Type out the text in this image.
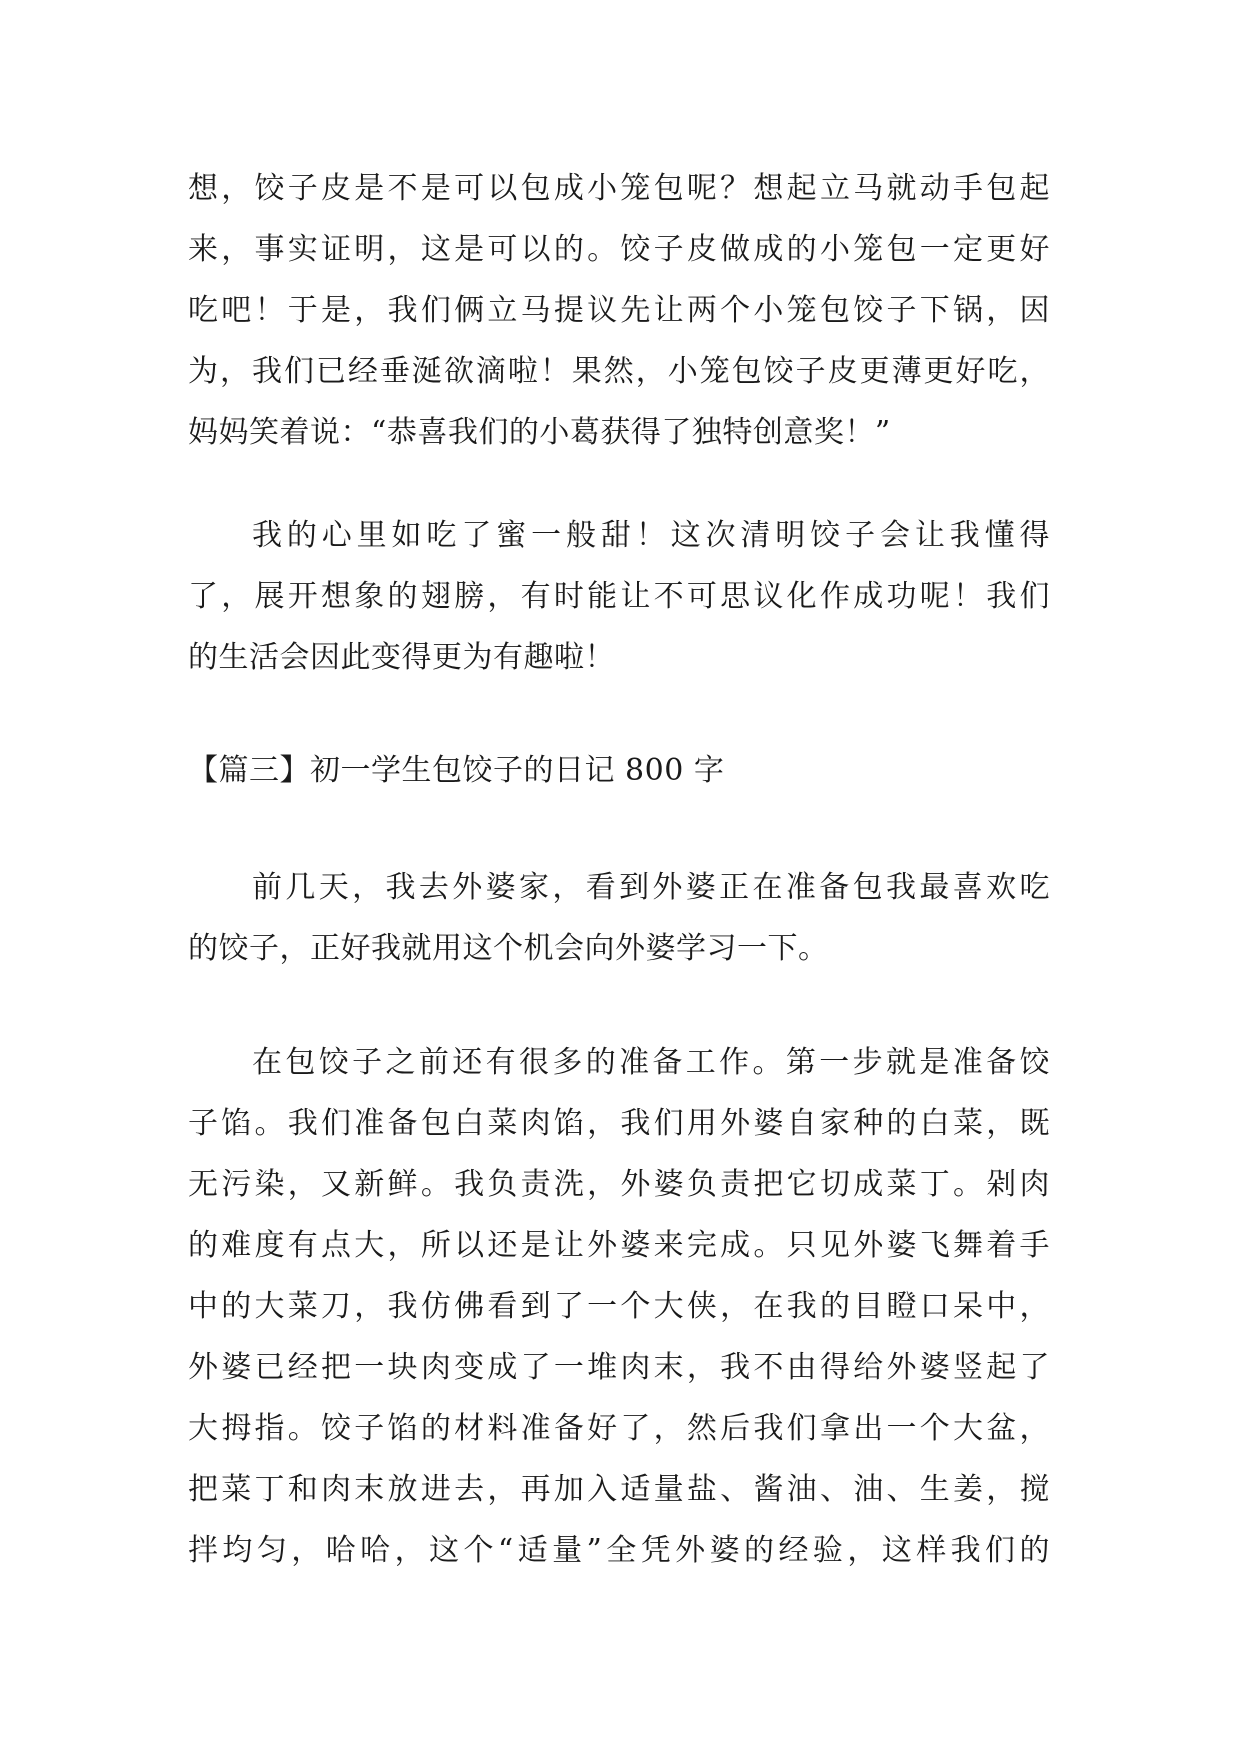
想，饺子皮是不是可以包成小笼包呢？想起立马就动手包起
来，事实证明，这是可以的。饺子皮做成的小笼包一定更好
吃吧！于是，我们俩立马提议先让两个小笼包饺子下锅，因
为，我们已经垂涎欲滴啦！果然，小笼包饺子皮更薄更好吃，
妈妈笑着说：“恭喜我们的小葛获得了独特创意奖！”

我的心里如吃了蜜一般甜！这次清明饺子会让我懂得
了，展开想象的翅膀，有时能让不可思议化作成功呢！我们
的生活会因此变得更为有趣啦！

【篇三】初一学生包饺子的日记 800 字

前几天，我去外婆家，看到外婆正在准备包我最喜欢吃
的饺子，正好我就用这个机会向外婆学习一下。

在包饺子之前还有很多的准备工作。第一步就是准备饺
子馅。我们准备包白菜肉馅，我们用外婆自家种的白菜，既
无污染，又新鲜。我负责洗，外婆负责把它切成菜丁。剁肉
的难度有点大，所以还是让外婆来完成。只见外婆飞舞着手
中的大菜刀，我仿佛看到了一个大侠，在我的目瞪口呆中，
外婆已经把一块肉变成了一堆肉末，我不由得给外婆竖起了
大拇指。饺子馅的材料准备好了，然后我们拿出一个大盆，
把菜丁和肉末放进去，再加入适量盐、酱油、油、生姜，搅
拌均匀，哈哈，这个“适量”全凭外婆的经验，这样我们的
